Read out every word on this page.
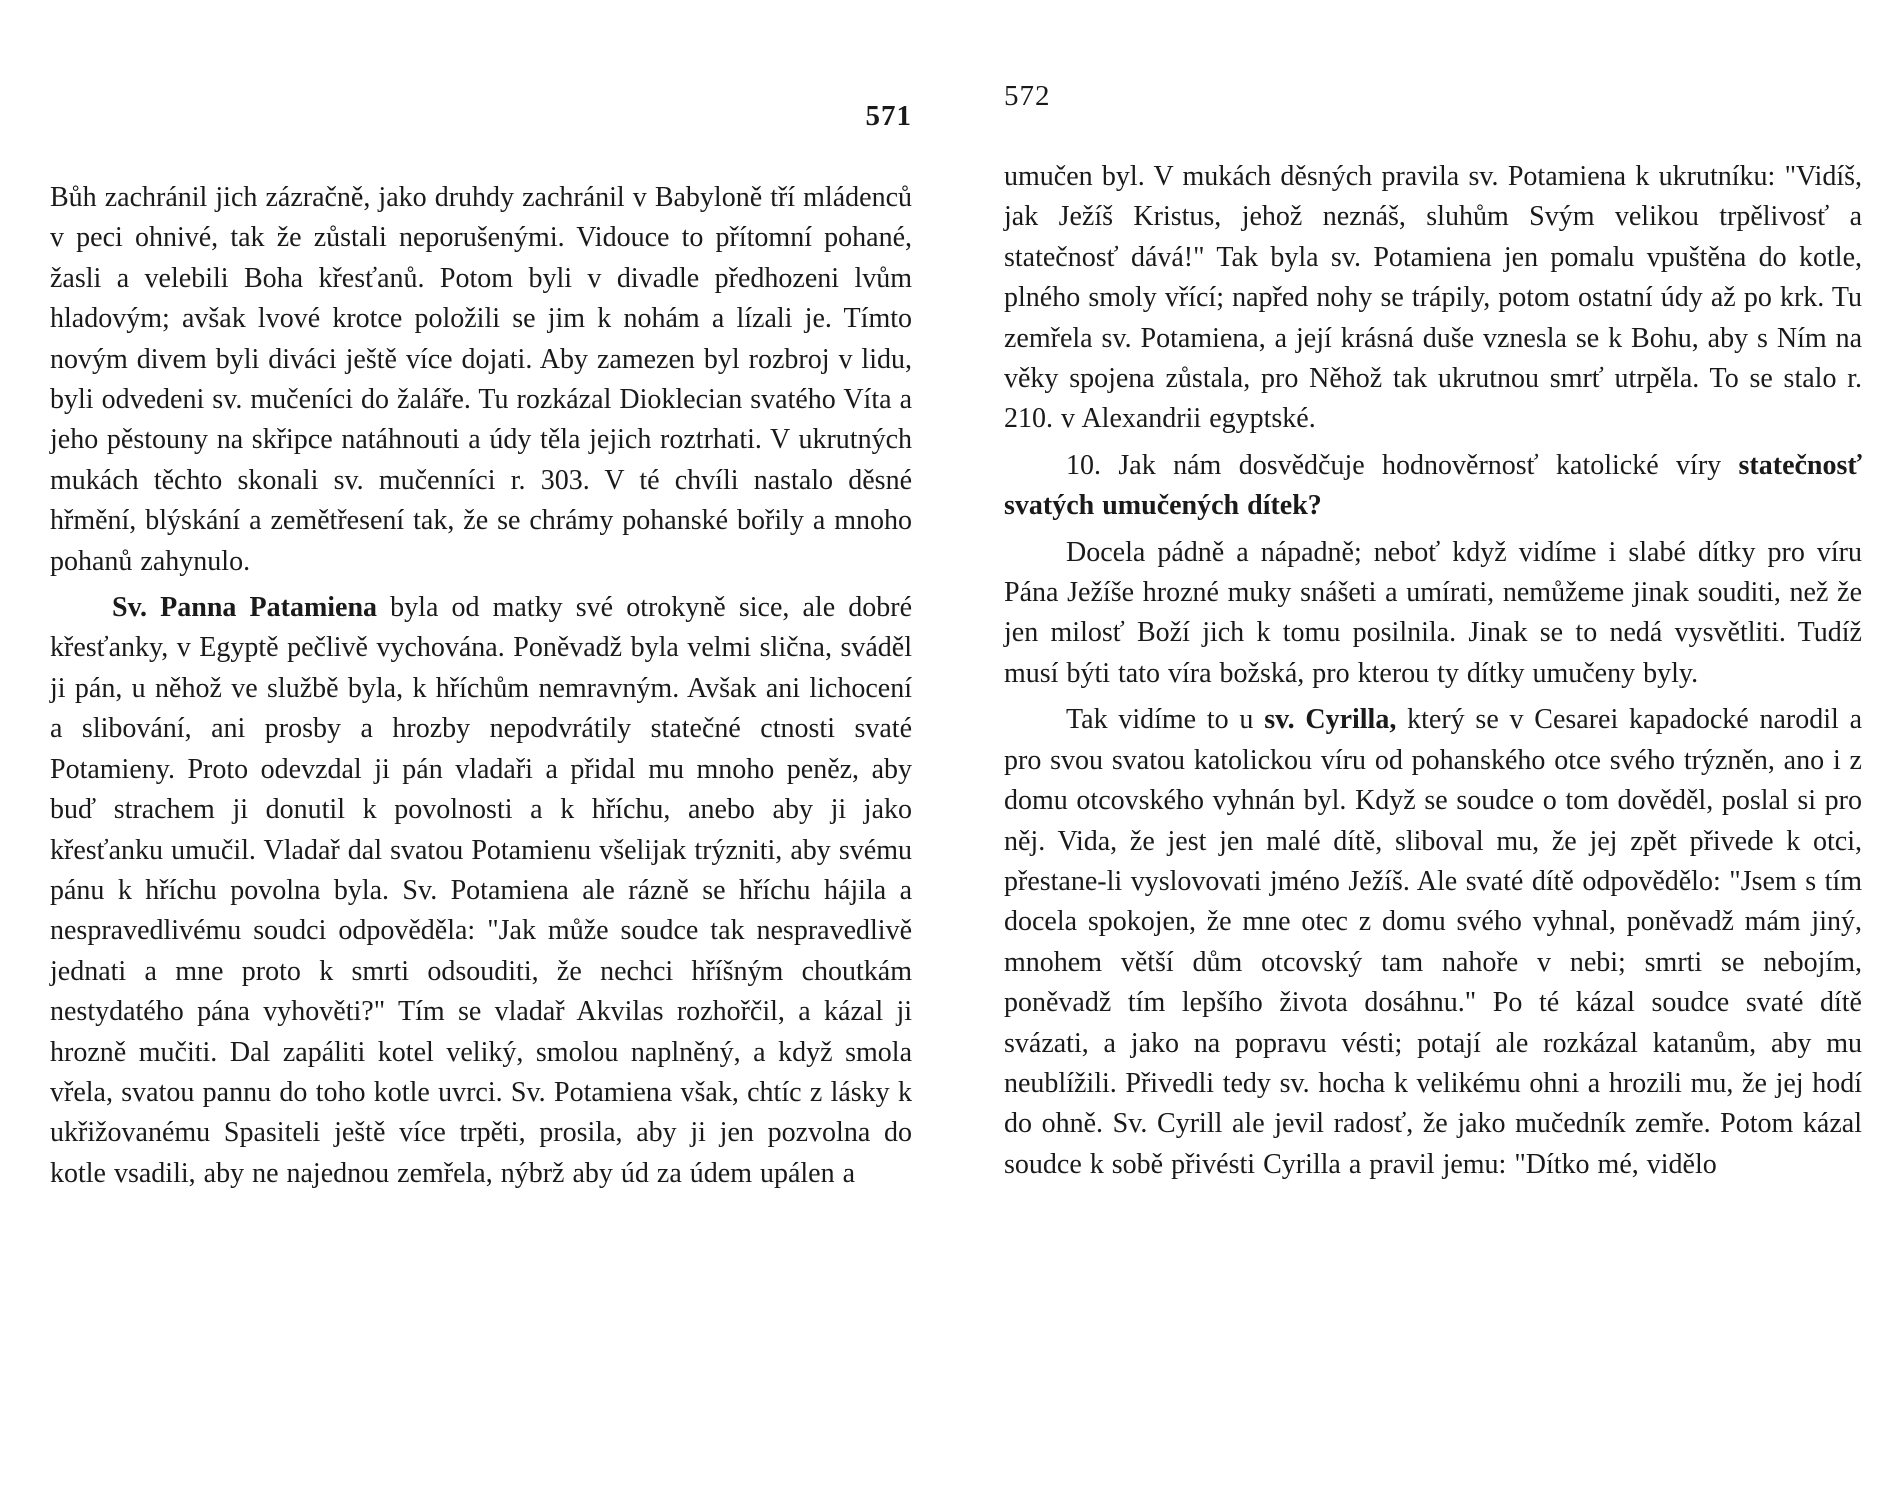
571

Bůh zachránil jich zázračně, jako druhdy zachránil v Babyloně tří mládenců v peci ohnivé, tak že zůstali neporušenými. Vidouce to přítomní pohané, žasli a velebili Boha křesťanů. Potom byli v divadle předhozeni lvům hladovým; avšak lvové krotce položili se jim k nohám a lízali je. Tímto novým divem byli diváci ještě více dojati. Aby zamezen byl rozbroj v lidu, byli odvedeni sv. mučeníci do žaláře. Tu rozkázal Dioklecian svatého Víta a jeho pěstouny na skřipce natáhnouti a údy těla jejich roztrhati. V ukrutných mukách těchto skonali sv. mučenníci r. 303. V té chvíli nastalo děsné hřmění, blýskání a zemětřesení tak, že se chrámy pohanské bořily a mnoho pohanů zahynulo.

Sv. Panna Patamiena byla od matky své otrokyně sice, ale dobré křesťanky, v Egyptě pečlivě vychována. Poněvadž byla velmi slična, sváděl ji pán, u něhož ve službě byla, k hříchům nemravným. Avšak ani lichocení a slibování, ani prosby a hrozby nepodvrátily statečné ctnosti svaté Potamieny. Proto odevzdal ji pán vladaři a přidal mu mnoho peněz, aby buď strachem ji donutil k povolnosti a k hříchu, anebo aby ji jako křesťanku umučil. Vladař dal svatou Potamienu všelijak trýzniti, aby svému pánu k hříchu povolna byla. Sv. Potamiena ale rázně se hříchu hájila a nespravedlivému soudci odpověděla: "Jak může soudce tak nespravedlivě jednati a mne proto k smrti odsouditi, že nechci hříšným choutkám nestydatého pána vyhověti?" Tím se vladař Akvilas rozhořčil, a kázal ji hrozně mučiti. Dal zapáliti kotel veliký, smolou naplněný, a když smola vřela, svatou pannu do toho kotle uvrci. Sv. Potamiena však, chtíc z lásky k ukřižovanému Spasiteli ještě více trpěti, prosila, aby ji jen pozvolna do kotle vsadili, aby ne najednou zemřela, nýbrž aby úd za údem upálen a

572

umučen byl. V mukách děsných pravila sv. Potamiena k ukrutníku: "Vidíš, jak Ježíš Kristus, jehož neznáš, sluhům Svým velikou trpělivosť a statečnosť dává!" Tak byla sv. Potamiena jen pomalu vpuštěna do kotle, plného smoly vřící; napřed nohy se trápily, potom ostatní údy až po krk. Tu zemřela sv. Potamiena, a její krásná duše vznesla se k Bohu, aby s Ním na věky spojena zůstala, pro Něhož tak ukrutnou smrť utrpěla. To se stalo r. 210. v Alexandrii egyptské.

10. Jak nám dosvědčuje hodnověrnosť katolické víry statečnosť svatých umučených dítek?

Docela pádně a nápadně; neboť když vidíme i slabé dítky pro víru Pána Ježíše hrozné muky snášeti a umírati, nemůžeme jinak souditi, než že jen milosť Boží jich k tomu posilnila. Jinak se to nedá vysvětliti. Tudíž musí býti tato víra božská, pro kterou ty dítky umučeny byly.

Tak vidíme to u sv. Cyrilla, který se v Cesarei kapadocké narodil a pro svou svatou katolickou víru od pohanského otce svého trýzněn, ano i z domu otcovského vyhnán byl. Když se soudce o tom dověděl, poslal si pro něj. Vida, že jest jen malé dítě, sliboval mu, že jej zpět přivede k otci, přestane-li vyslovovati jméno Ježíš. Ale svaté dítě odpovědělo: "Jsem s tím docela spokojen, že mne otec z domu svého vyhnal, poněvadž mám jiný, mnohem větší dům otcovský tam nahoře v nebi; smrti se nebojím, poněvadž tím lepšího života dosáhnu." Po té kázal soudce svaté dítě svázati, a jako na popravu vésti; potají ale rozkázal katanům, aby mu neublížili. Přivedli tedy sv. hocha k velikému ohni a hrozili mu, že jej hodí do ohně. Sv. Cyrill ale jevil radosť, že jako mučedník zemře. Potom kázal soudce k sobě přivésti Cyrilla a pravil jemu: "Dítko mé, vidělo
